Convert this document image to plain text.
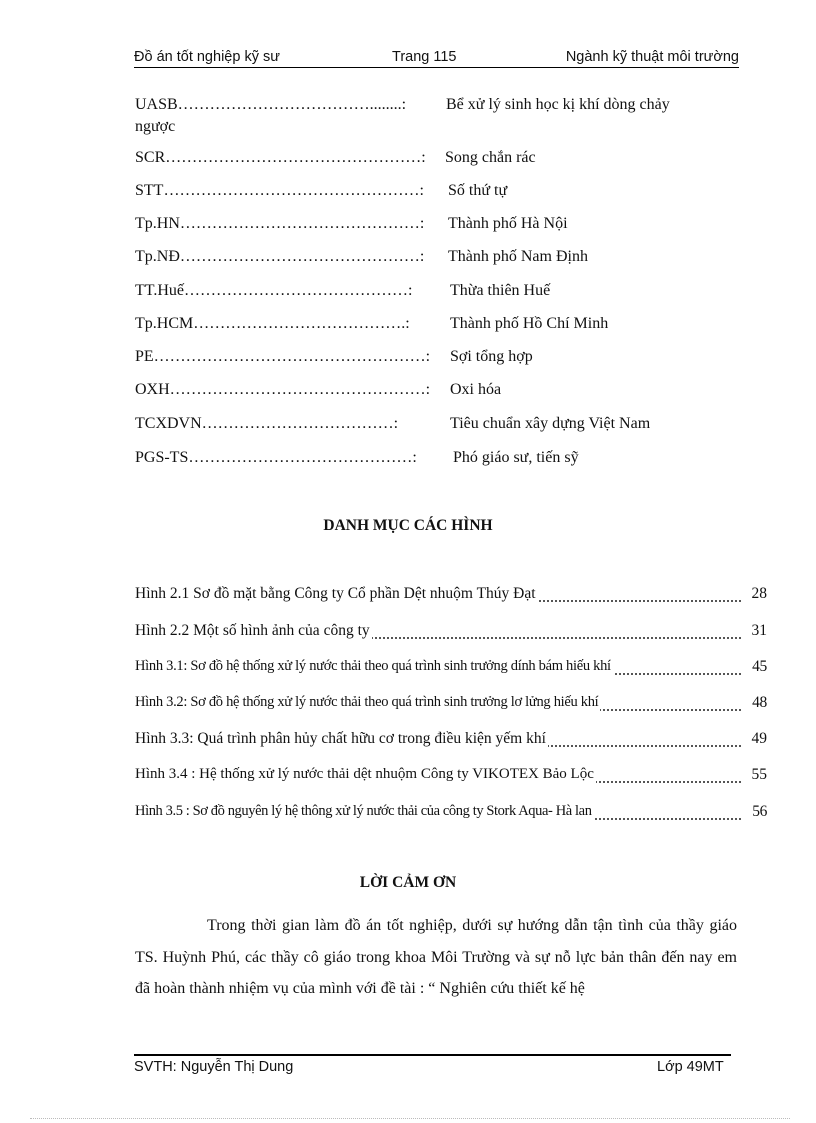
Đồ án tốt nghiệp kỹ sư	Trang 115	Ngành kỹ thuật môi trường
UASB………………………………........: Bể xử lý sinh học kị khí dòng chảy
ngược
SCR…………………………………………: Song chắn rác
STT…………………………………………: Số thứ tự
Tp.HN………………………………………: Thành phố Hà Nội
Tp.NĐ………………………………………: Thành phố Nam Định
TT.Huế……………………………………: Thừa thiên Huế
Tp.HCM………………………………….:	Thành phố Hồ Chí Minh
PE……………………………………………: Sợi tổng hợp
OXH…………………………………………: Oxi hóa
TCXDVN………………………………:	Tiêu chuẩn xây dựng Việt Nam
PGS-TS……………………………………: Phó giáo sư, tiến sỹ
DANH MỤC CÁC HÌNH
Hình 2.1 Sơ đồ mặt bằng Công ty Cổ phần Dệt nhuộm Thúy Đạt	28
Hình 2.2 Một số hình ảnh của công ty	31
Hình 3.1: Sơ đồ hệ thống xử lý nước thải theo quá trình sinh trưởng dính bám hiếu khí	45
Hình 3.2: Sơ đồ hệ thống xử lý nước thải theo quá trình sinh trưởng lơ lửng hiếu khí	48
Hình 3.3: Quá trình phân hủy chất hữu cơ trong điều kiện yếm khí	49
Hình 3.4 : Hệ thống xử lý nước thải dệt nhuộm Công ty VIKOTEX Bảo Lộc	55
Hình 3.5 : Sơ đồ nguyên lý hệ thông xử lý nước thải của công ty Stork Aqua- Hà lan	56
LỜI CẢM ƠN
Trong thời gian làm đồ án tốt nghiệp, dưới sự hướng dẫn tận tình của thầy giáo TS. Huỳnh Phú, các thầy cô giáo trong khoa Môi Trường và sự nỗ lực bản thân đến nay em đã hoàn thành nhiệm vụ của mình với đề tài : “ Nghiên cứu thiết kế hệ
SVTH: Nguyễn Thị Dung	Lớp 49MT
